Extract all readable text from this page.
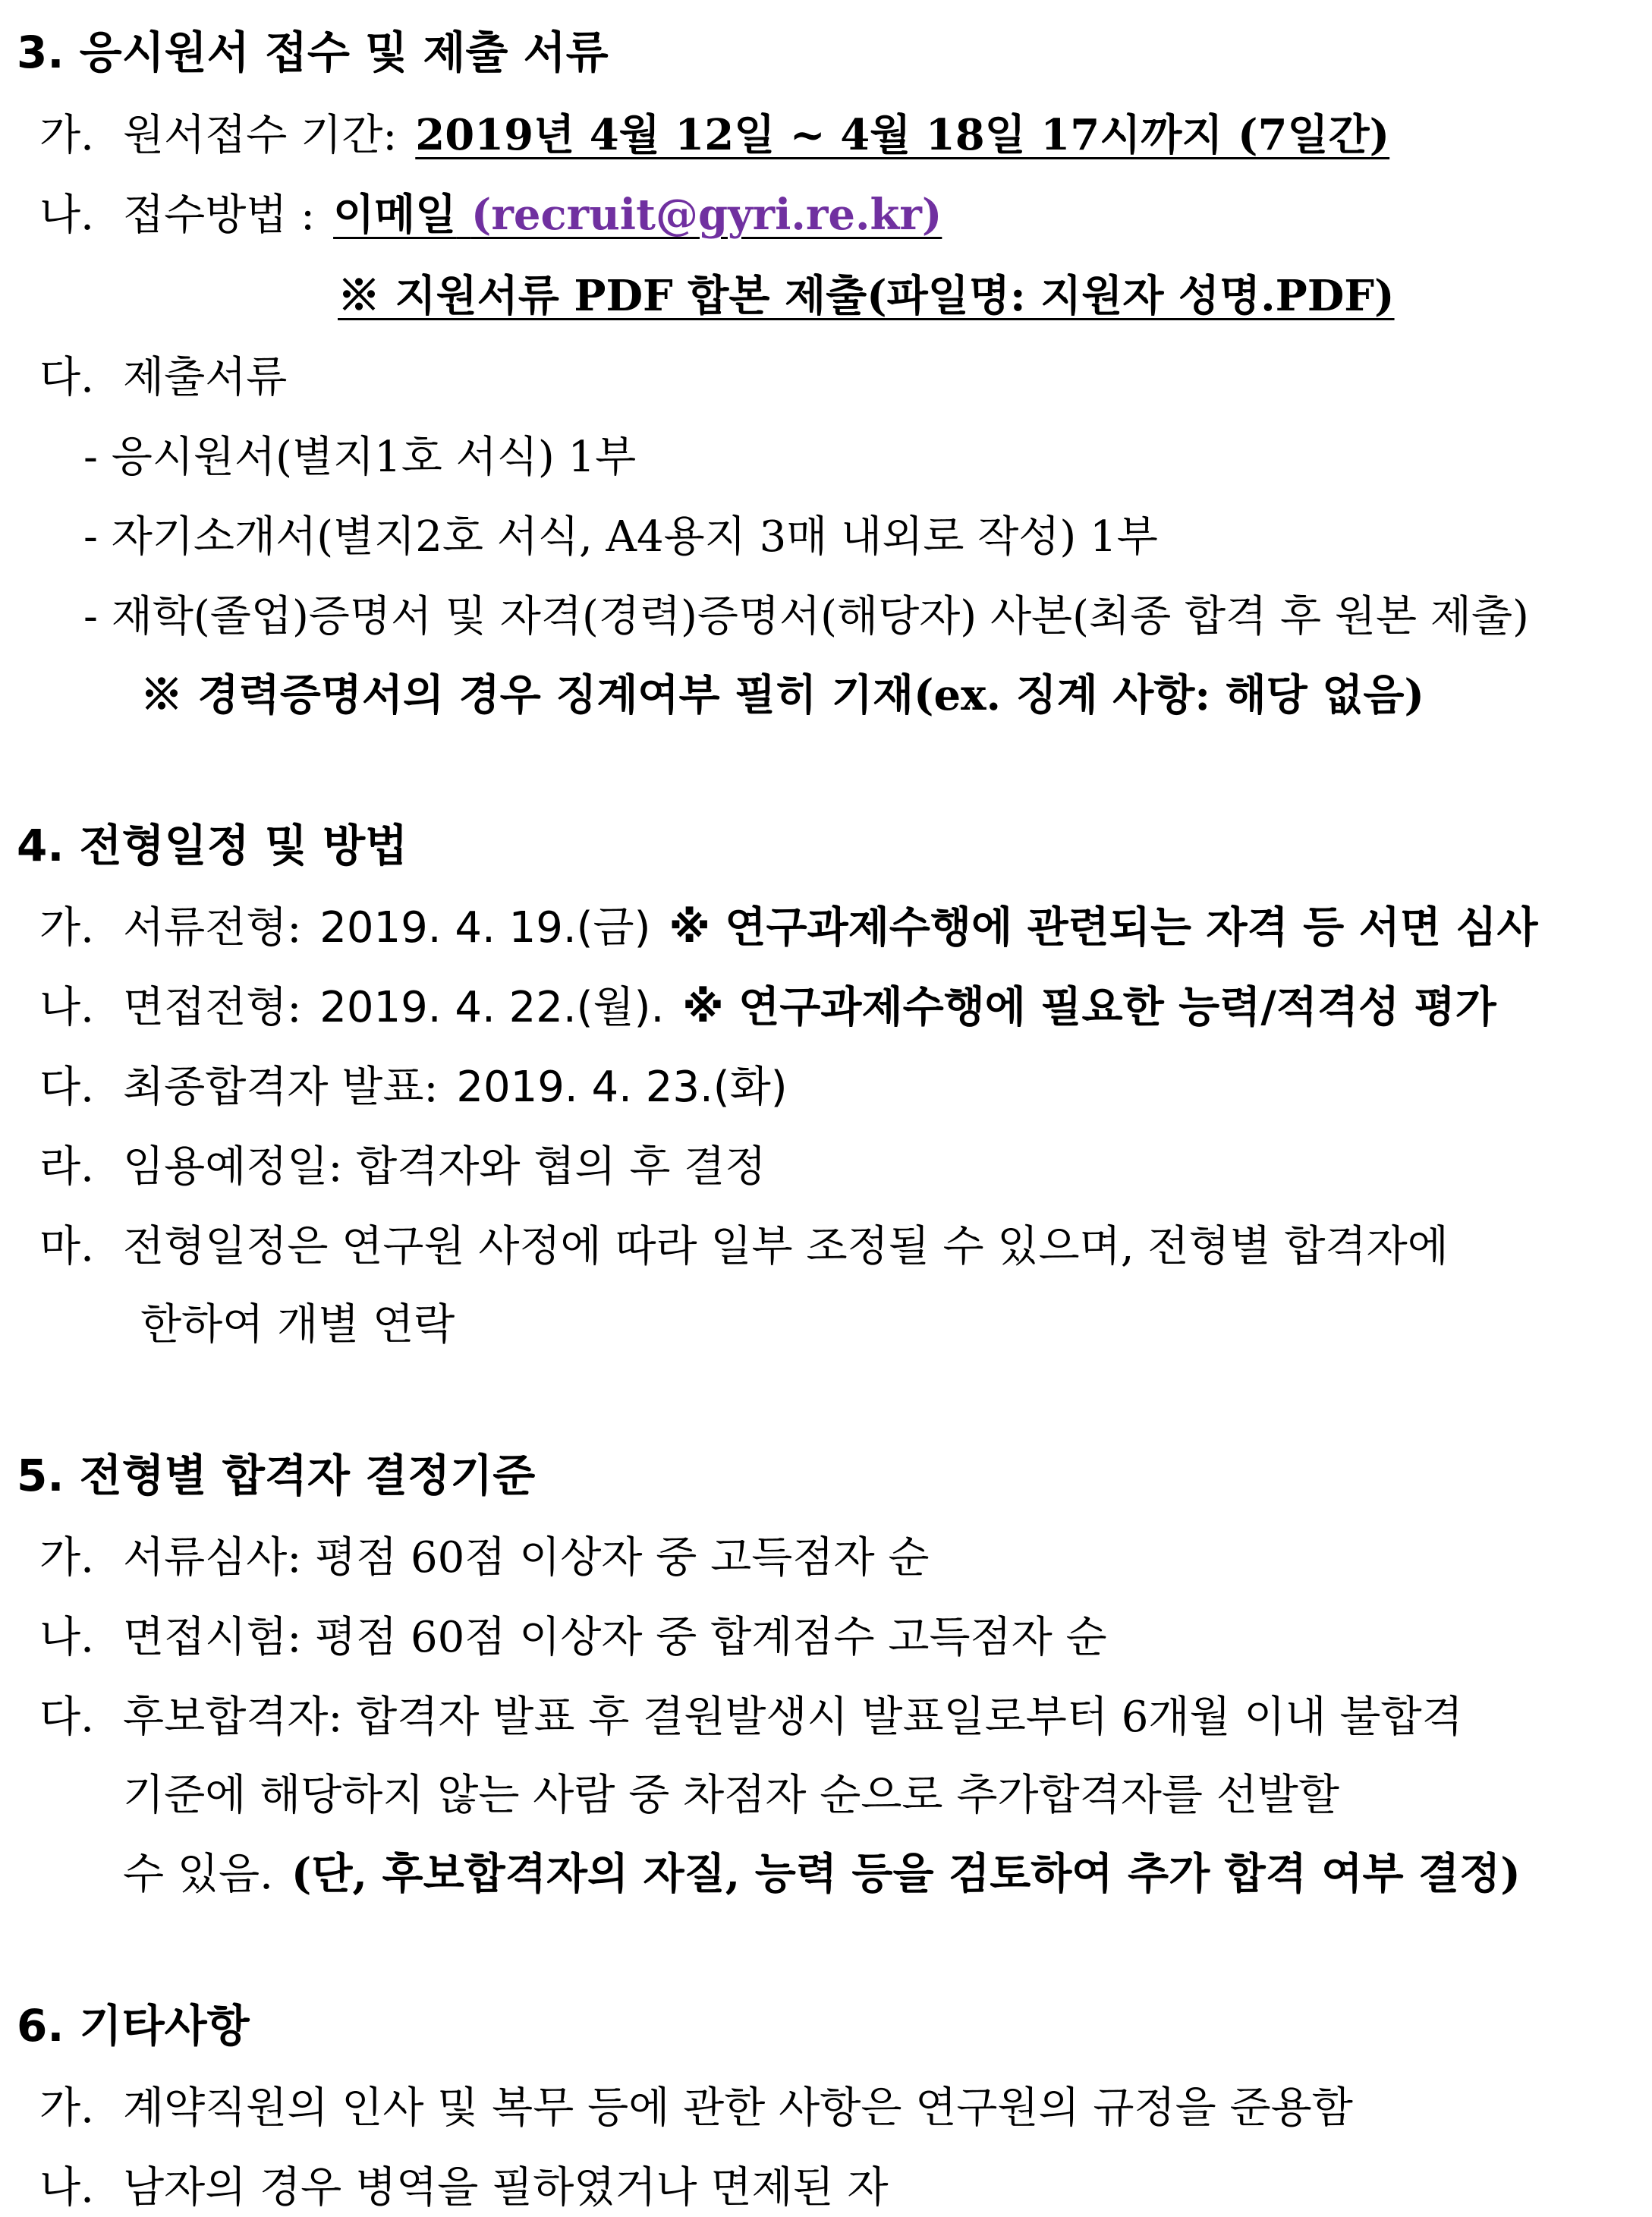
3. 응시원서 접수 및 제출 서류
가. 원서접수 기간: 2019년 4월 12일 ~ 4월 18일 17시까지 (7일간)
나. 접수방법 : 이메일 (recruit@gyri.re.kr)
※ 지원서류 PDF 합본 제출(파일명: 지원자 성명.PDF)
다. 제출서류
- 응시원서(별지1호 서식) 1부
- 자기소개서(별지2호 서식, A4용지 3매 내외로 작성) 1부
- 재학(졸업)증명서 및 자격(경력)증명서(해당자) 사본(최종 합격 후 원본 제출)
※ 경력증명서의 경우 징계여부 필히 기재(ex. 징계 사항: 해당 없음)
4. 전형일정 및 방법
가. 서류전형: 2019. 4. 19.(금) ※ 연구과제수행에 관련되는 자격 등 서면 심사
나. 면접전형: 2019. 4. 22.(월). ※ 연구과제수행에 필요한 능력/적격성 평가
다. 최종합격자 발표: 2019. 4. 23.(화)
라. 임용예정일: 합격자와 협의 후 결정
마. 전형일정은 연구원 사정에 따라 일부 조정될 수 있으며, 전형별 합격자에
한하여 개별 연락
5. 전형별 합격자 결정기준
가. 서류심사: 평점 60점 이상자 중 고득점자 순
나. 면접시험: 평점 60점 이상자 중 합계점수 고득점자 순
다. 후보합격자: 합격자 발표 후 결원발생시 발표일로부터 6개월 이내 불합격
기준에 해당하지 않는 사람 중 차점자 순으로 추가합격자를 선발할
수 있음. (단, 후보합격자의 자질, 능력 등을 검토하여 추가 합격 여부 결정)
6. 기타사항
가. 계약직원의 인사 및 복무 등에 관한 사항은 연구원의 규정을 준용함
나. 남자의 경우 병역을 필하였거나 면제된 자
